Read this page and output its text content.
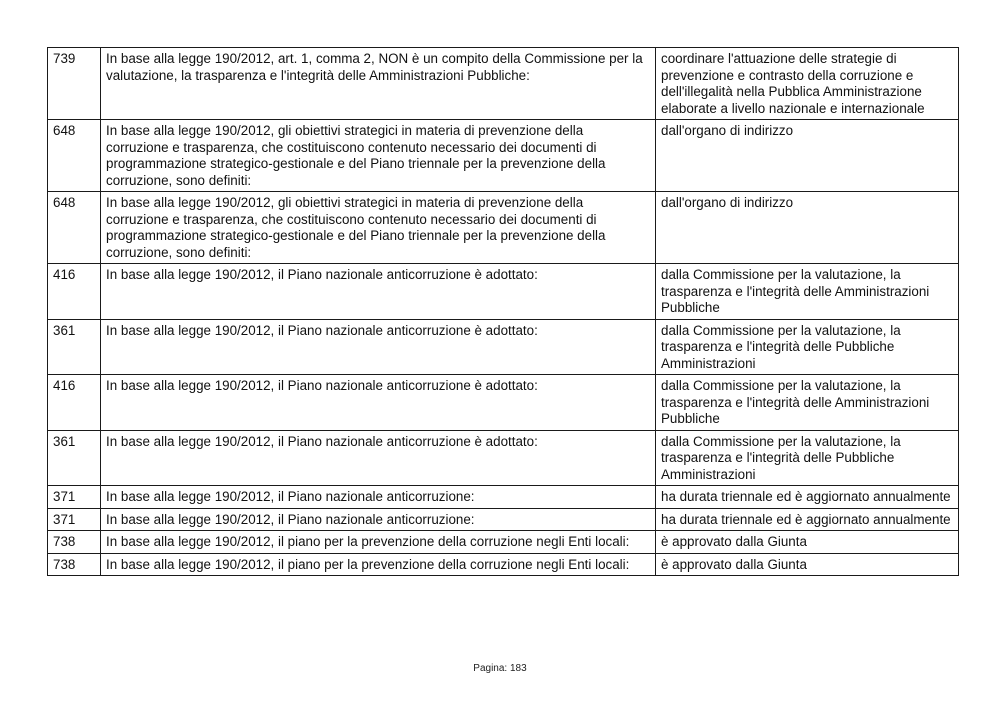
739	In base alla legge 190/2012, art. 1, comma 2, NON è un compito della Commissione per la valutazione, la trasparenza e l'integrità delle Amministrazioni Pubbliche:	coordinare l'attuazione delle strategie di prevenzione e contrasto della corruzione e dell'illegalità nella Pubblica Amministrazione elaborate a livello nazionale e internazionale
648	In base alla legge 190/2012, gli obiettivi strategici in materia di prevenzione della corruzione e trasparenza, che costituiscono contenuto necessario dei documenti di programmazione strategico-gestionale e del Piano triennale per la prevenzione della corruzione, sono definiti:	dall'organo di indirizzo
648	In base alla legge 190/2012, gli obiettivi strategici in materia di prevenzione della corruzione e trasparenza, che costituiscono contenuto necessario dei documenti di programmazione strategico-gestionale e del Piano triennale per la prevenzione della corruzione, sono definiti:	dall'organo di indirizzo
416	In base alla legge 190/2012, il Piano nazionale anticorruzione è adottato:	dalla Commissione per la valutazione, la trasparenza e l'integrità delle Amministrazioni Pubbliche
361	In base alla legge 190/2012, il Piano nazionale anticorruzione è adottato:	dalla Commissione per la valutazione, la trasparenza e l'integrità delle Pubbliche Amministrazioni
416	In base alla legge 190/2012, il Piano nazionale anticorruzione è adottato:	dalla Commissione per la valutazione, la trasparenza e l'integrità delle Amministrazioni Pubbliche
361	In base alla legge 190/2012, il Piano nazionale anticorruzione è adottato:	dalla Commissione per la valutazione, la trasparenza e l'integrità delle Pubbliche Amministrazioni
371	In base alla legge 190/2012, il Piano nazionale anticorruzione:	ha durata triennale ed è aggiornato annualmente
371	In base alla legge 190/2012, il Piano nazionale anticorruzione:	ha durata triennale ed è aggiornato annualmente
738	In base alla legge 190/2012, il piano per la prevenzione della corruzione negli Enti locali:	è approvato dalla Giunta
738	In base alla legge 190/2012, il piano per la prevenzione della corruzione negli Enti locali:	è approvato dalla Giunta
Pagina: 183
